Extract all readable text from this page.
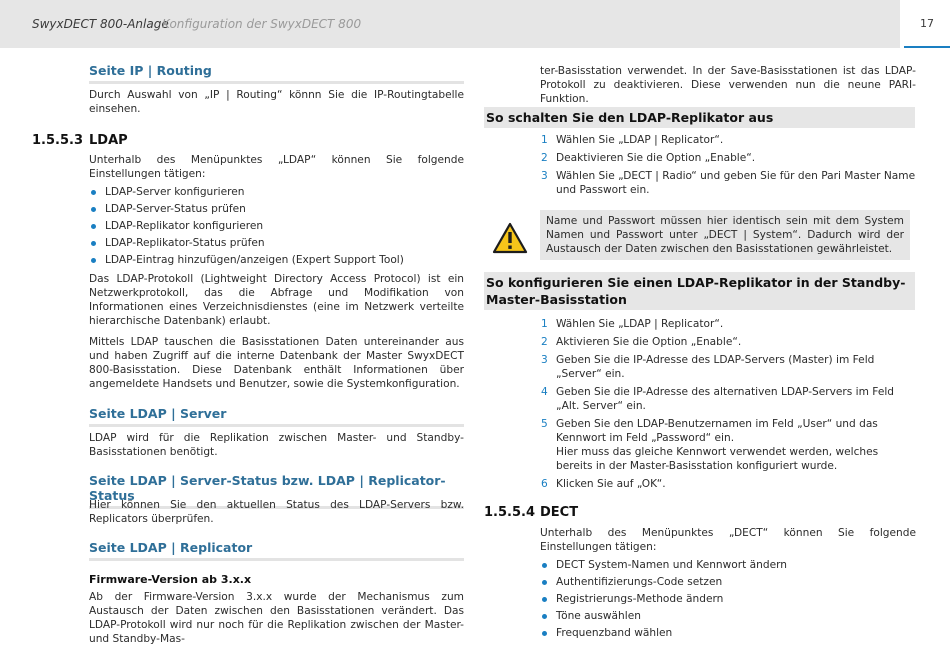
SwyxDECT 800-Anlage
Konfiguration der SwyxDECT 800	17
Seite IP | Routing

Durch Auswahl von „IP | Routing“ könnn Sie die IP-Routingtabelle einsehen.

1.5.5.3 LDAP

Unterhalb des Menüpunktes „LDAP“ können Sie folgende Einstellungen tätigen:

LDAP-Server konfigurieren
LDAP-Server-Status prüfen
LDAP-Replikator konfigurieren
LDAP-Replikator-Status prüfen
LDAP-Eintrag hinzufügen/anzeigen (Expert Support Tool)

Das LDAP-Protokoll (Lightweight Directory Access Protocol) ist ein Netzwerkprotokoll, das die Abfrage und Modifikation von Informationen eines Verzeichnisdienstes (eine im Netzwerk verteilte hierarchische Datenbank) erlaubt.

Mittels LDAP tauschen die Basisstationen Daten untereinander aus und haben Zugriff auf die interne Datenbank der Master SwyxDECT 800-Basisstation. Diese Datenbank enthält Informationen über angemeldete Handsets und Benutzer, sowie die Systemkonfiguration.

Seite LDAP | Server

LDAP wird für die Replikation zwischen Master- und Standby-Basisstationen benötigt.

Seite LDAP | Server-Status bzw. LDAP | Replicator-Status

Hier können Sie den aktuellen Status des LDAP-Servers bzw. Replicators überprüfen.

Seite LDAP | Replicator
Firmware-Version ab 3.x.x

Ab der Firmware-Version 3.x.x wurde der Mechanismus zum Austausch der Daten zwischen den Basisstationen verändert. Das LDAP-Protokoll wird nur noch für die Replikation zwischen der Master- und Standby-Mas-

ter-Basisstation verwendet. In der Save-Basisstationen ist das LDAP-Protokoll zu deaktivieren. Diese verwenden nun die neune PARI-Funktion.

So schalten Sie den LDAP-Replikator aus
1 Wählen Sie „LDAP | Replicator“.
2 Deaktivieren Sie die Option „Enable“.
3 Wählen Sie „DECT | Radio“ und geben Sie für den Pari Master Name und Passwort ein.
Name und Passwort müssen hier identisch sein mit dem System Namen und Passwort unter „DECT | System“. Dadurch wird der Austausch der Daten zwischen den Basisstationen gewährleistet.
So konfigurieren Sie einen LDAP-Replikator in der Standby-Master-Basisstation
1 Wählen Sie „LDAP | Replicator“.
2 Aktivieren Sie die Option „Enable“.
3 Geben Sie die IP-Adresse des LDAP-Servers (Master) im Feld „Server“ ein.
4 Geben Sie die IP-Adresse des alternativen LDAP-Servers im Feld „Alt. Server“ ein.
5 Geben Sie den LDAP-Benutzernamen im Feld „User“ und das Kennwort im Feld „Password“ ein.
Hier muss das gleiche Kennwort verwendet werden, welches bereits in der Master-Basisstation konfiguriert wurde.
6 Klicken Sie auf „OK“.
1.5.5.4 DECT

Unterhalb des Menüpunktes „DECT“ können Sie folgende Einstellungen tätigen:

DECT System-Namen und Kennwort ändern
Authentifizierungs-Code setzen
Registrierungs-Methode ändern
Töne auswählen
Frequenzband wählen
